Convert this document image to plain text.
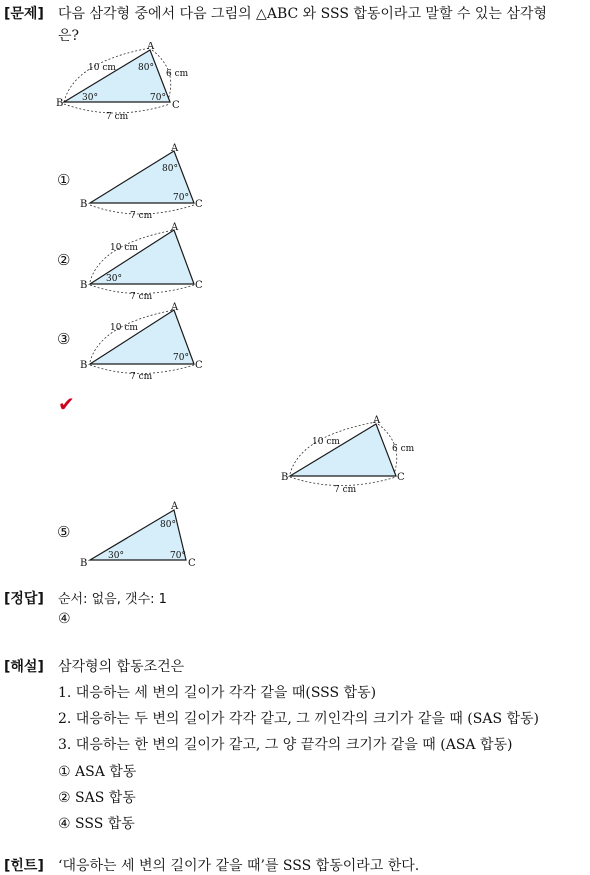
[문제] 다음 삼각형 중에서 다음 그림의 △ABC 와 SSS 합동이라고 말할 수 있는 삼각형
은?
A
B	C
10 cm
6 cm
7 cm
80°
30°	70°
①
A
B	C
80°
70°
7 cm
②
A
B	C
10 cm
30°
7 cm
③
A
B	C
10 cm
70°
7 cm
✔
A
B	C
10 cm
6 cm
7 cm
⑤
A
B	C
80°
30°	70°
[정답] 순서: 없음, 갯수: 1
④
[해설] 삼각형의 합동조건은
1. 대응하는 세 변의 길이가 각각 같을 때(SSS 합동)
2. 대응하는 두 변의 길이가 각각 같고, 그 끼인각의 크기가 같을 때 (SAS 합동)
3. 대응하는 한 변의 길이가 같고, 그 양 끝각의 크기가 같을 때 (ASA 합동)
① ASA 합동
② SAS 합동
④ SSS 합동
[힌트] ‘대응하는 세 변의 길이가 같을 때’를 SSS 합동이라고 한다.
